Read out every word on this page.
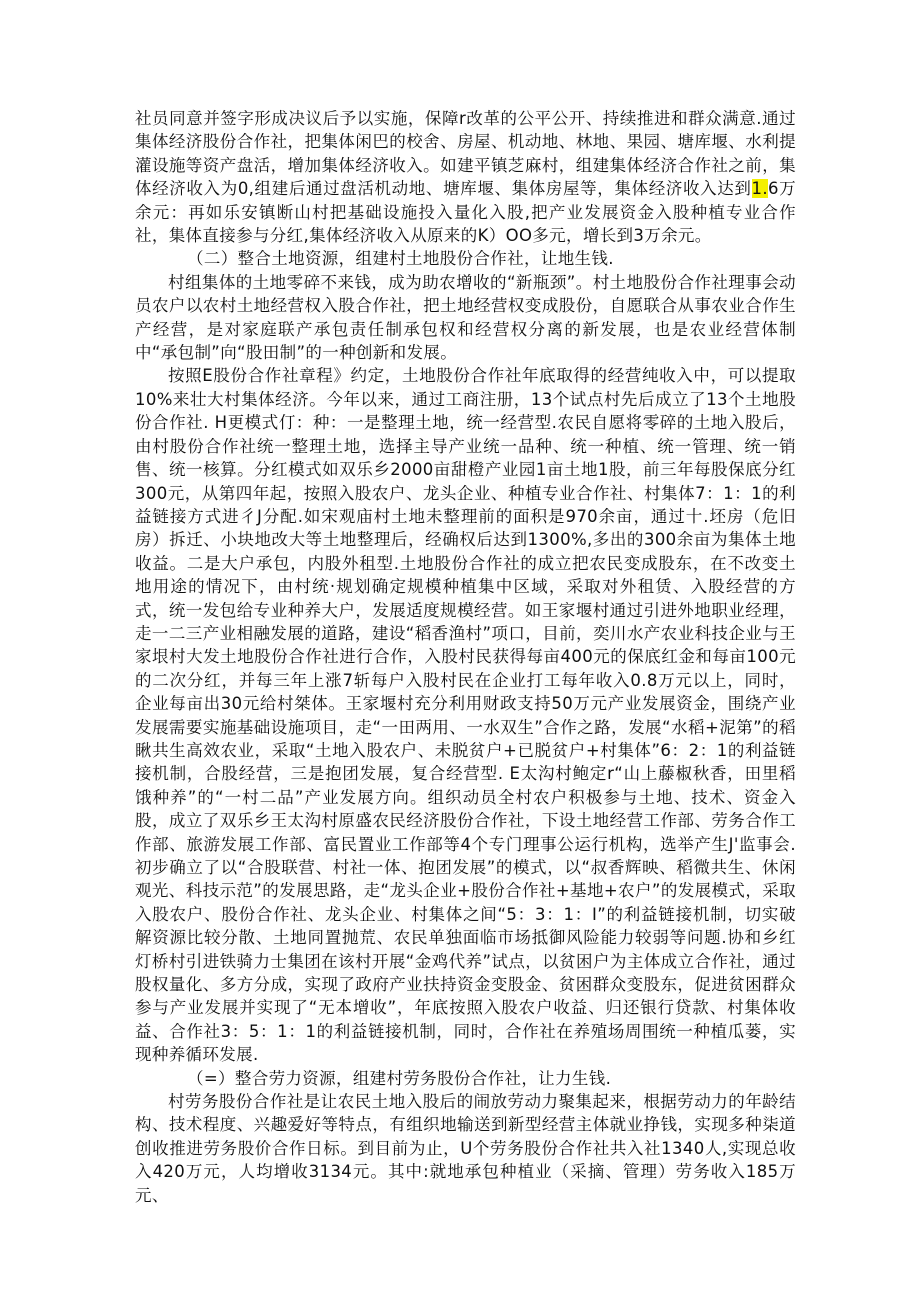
社员同意并签字形成决议后予以实施，保障r改革的公平公开、持续推进和群众满意.通过集体经济股份合作社，把集体闲巴的校舍、房屋、机动地、林地、果园、塘库堰、水利提灌设施等资产盘活，增加集体经济收入。如建平镇芝麻村，组建集体经济合作社之前，集体经济收入为0,组建后通过盘活机动地、塘库堰、集体房屋等，集体经济收入达到1.6万余元：再如乐安镇断山村把基础设施投入量化入股,把产业发展资金入股种植专业合作社，集体直接参与分红,集体经济收入从原来的K）OO多元，增长到3万余元。

（二）整合土地资源，组建村土地股份合作社，让地生钱.

村组集体的土地零碎不来钱，成为助农增收的“新瓶颈”。村土地股份合作社理事会动员农户以农村土地经营权入股合作社，把土地经营权变成股份，自愿联合从事农业合作生产经营，是对家庭联产承包责任制承包权和经营权分离的新发展，也是农业经营体制中“承包制”向“股田制”的一种创新和发展。

按照E股份合作社章程》约定，土地股份合作社年底取得的经营纯收入中，可以提取10%来壮大村集体经济。今年以来，通过工商注册，13个试点村先后成立了13个土地股份合作社. H更模式仃：种：一是整理土地，统一经营型.农民自愿将零碎的土地入股后，由村股份合作社统一整理土地，选择主导产业统一品种、统一种植、统一管理、统一销售、统一核算。分红模式如双乐乡2000亩甜橙产业园1亩土地1股，前三年每股保底分红300元，从第四年起，按照入股农户、龙头企业、种植专业合作社、村集体7：1：1的利益链接方式进彳J分配.如宋观庙村土地未整理前的面积是970余亩，通过十.坯房（危旧房）拆迁、小块地改大等土地整理后，经确权后达到1300%,多出的300余亩为集体土地收益。二是大户承包，内股外租型.土地股份合作社的成立把农民变成股东，在不改变土地用途的情况下，由村统·规划确定规模种植集中区域，采取对外租赁、入股经营的方式，统一发包给专业种养大户，发展适度规模经营。如王家堰村通过引进外地职业经理，走一二三产业相融发展的道路，建设“稻香渔村”项口，目前，奕川水产农业科技企业与王家垠村大发土地股份合作社进行合作，入股村民获得每亩400元的保底红金和每亩100元的二次分红，并每三年上涨7斩每户入股村民在企业打工每年收入0.8万元以上，同时，企业每亩出30元给村桀体。王家堰村充分利用财政支持50万元产业发展资金，围绕产业发展需要实施基础设施项目，走“一田两用、一水双生”合作之路，发展“水稻+泥第”的稻瞅共生高效农业，采取“土地入股农户、未脱贫户+已脱贫户+村集体”6：2：1的利益链接机制，合股经营，三是抱团发展，复合经营型. E太沟村鲍定r“山上藤椒秋香，田里稻饿种养”的“一村二品”产业发展方向。组织动员全村农户积极参与土地、技术、资金入股，成立了双乐乡王太沟村原盛农民经济股份合作社，下设土地经营工作部、劳务合作工作部、旅游发展工作部、富民置业工作部等4个专门理事公运行机构，选举产生J'监事会.初步确立了以“合股联营、村社一体、抱团发展”的模式，以“叔香辉映、稻微共生、休闲观光、科技示范”的发展思路，走“龙头企业+股份合作社+基地+农户”的发展模式，采取入股农户、股份合作社、龙头企业、村集体之间“5：3：1：I”的利益链接机制，切实破解资源比较分散、土地同置抛荒、农民单独面临市场抵御风险能力较弱等问题.协和乡红灯桥村引进铁骑力士集团在该村开展“金鸡代养”试点，以贫困户为主体成立合作社，通过股权量化、多方分成，实现了政府产业扶持资金变股金、贫困群众变股东，促进贫困群众参与产业发展并实现了“无本增收”，年底按照入股农户收益、归还银行贷款、村集体收益、合作社3：5：1：1的利益链接机制，同时，合作社在养殖场周围统一种植瓜蒌，实现种养循环发展.

（=）整合劳力资源，组建村劳务股份合作社，让力生钱.

村劳务股份合作社是让农民土地入股后的闹放劳动力聚集起来，根据劳动力的年龄结构、技术程度、兴趣爱好等特点，有组织地输送到新型经营主体就业挣钱，实现多种柒道创收推进劳务股价合作日标。到目前为止，U个劳务股份合作社共入社1340人,实现总收入420万元，人均增收3134元。其中:就地承包种植业（采摘、管理）劳务收入185万元、
